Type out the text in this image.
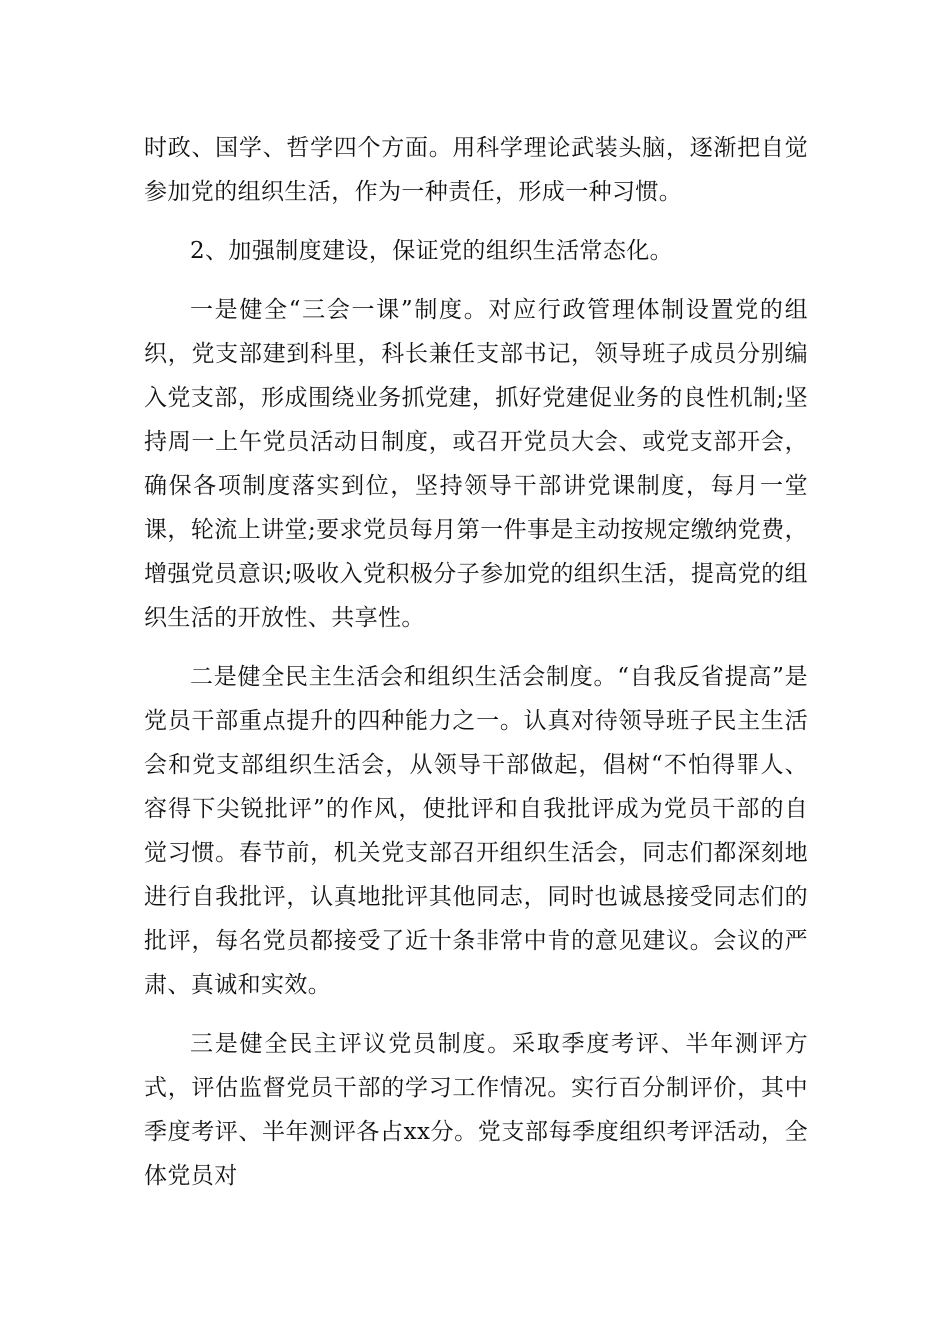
时政、国学、哲学四个方面。用科学理论武装头脑，逐渐把自觉参加党的组织生活，作为一种责任，形成一种习惯。

2、加强制度建设，保证党的组织生活常态化。

一是健全“三会一课”制度。对应行政管理体制设置党的组织，党支部建到科里，科长兼任支部书记，领导班子成员分别编入党支部，形成围绕业务抓党建，抓好党建促业务的良性机制;坚持周一上午党员活动日制度，或召开党员大会、或党支部开会，确保各项制度落实到位，坚持领导干部讲党课制度，每月一堂课，轮流上讲堂;要求党员每月第一件事是主动按规定缴纳党费，增强党员意识;吸收入党积极分子参加党的组织生活，提高党的组织生活的开放性、共享性。

二是健全民主生活会和组织生活会制度。“自我反省提高”是党员干部重点提升的四种能力之一。认真对待领导班子民主生活会和党支部组织生活会，从领导干部做起，倡树“不怕得罪人、容得下尖锐批评”的作风，使批评和自我批评成为党员干部的自觉习惯。春节前，机关党支部召开组织生活会，同志们都深刻地进行自我批评，认真地批评其他同志，同时也诚恳接受同志们的批评，每名党员都接受了近十条非常中肯的意见建议。会议的严肃、真诚和实效。

三是健全民主评议党员制度。采取季度考评、半年测评方式，评估监督党员干部的学习工作情况。实行百分制评价，其中季度考评、半年测评各占xx分。党支部每季度组织考评活动，全体党员对
